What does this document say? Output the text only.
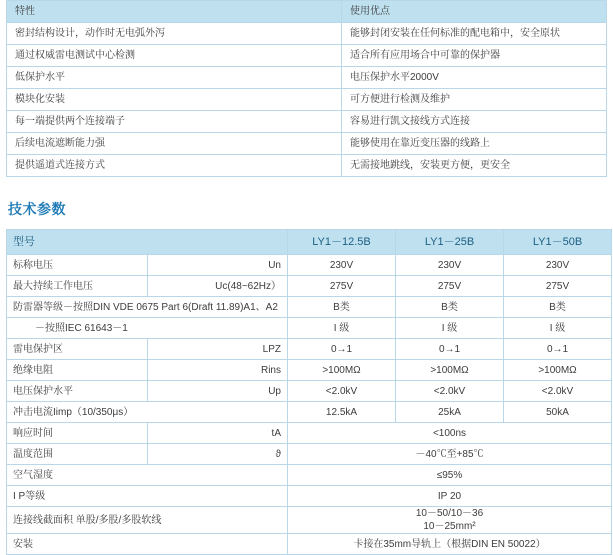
特性	使用优点
密封结构设计，动作时无电弧外泻	能够封闭安装在任何标准的配电箱中，安全原状
通过权威雷电测试中心检测	适合所有应用场合中可靠的保护器
低保护水平	电压保护水平2000V
模块化安装	可方便进行检测及维护
每一端提供两个连接端子	容易进行凯文接线方式连接
后续电流遮断能力强	能够使用在靠近变压器的线路上
提供遥道式连接方式	无需接地跳线，安装更方便，更安全
技术参数
型号		LY1－12.5B	LY1－25B	LY1－50B
标称电压	Un	230V	230V	230V
最大持续工作电压	Uc(48~62Hz）	275V	275V	275V
防雷器等级－按照DIN VDE 0675 Part 6(Draft 11.89)A1、A2		B类	B类	B类
－按照IEC 61643－1		I 级	I 级	I 级
雷电保护区	LPZ	0→1	0→1	0→1
绝缘电阻	Rins	>100MΩ	>100MΩ	>100MΩ
电压保护水平	Up	<2.0kV	<2.0kV	<2.0kV
冲击电流Iimp（10/350μs）		12.5kA	25kA	50kA
响应时间	tA	<100ns		
温度范围	ϑ	－40℃至+85℃		
空气湿度		≤95%		
I P等级		IP 20		
连接线截面积 单股/多股/多股软线		10－50/10－36
10－25mm²		

安装		卡接在35mm导轨上（根据DIN EN 50022）		
